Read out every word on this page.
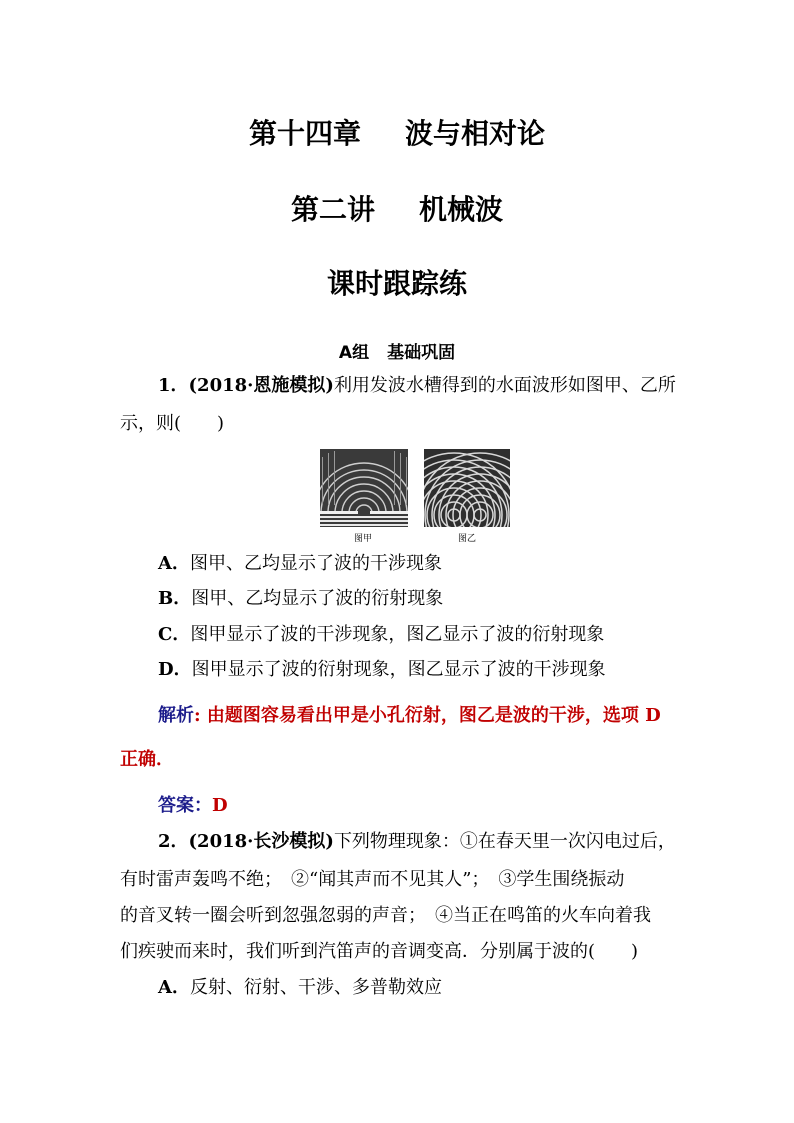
第十四章 波与相对论
第二讲 机械波
课时跟踪练
A组 基础巩固
1．(2018·恩施模拟)利用发波水槽得到的水面波形如图甲、乙所
示，则(　　)
图甲	图乙
A．图甲、乙均显示了波的干涉现象
B．图甲、乙均显示了波的衍射现象
C．图甲显示了波的干涉现象，图乙显示了波的衍射现象
D．图甲显示了波的衍射现象，图乙显示了波的干涉现象
解析: 由题图容易看出甲是小孔衍射，图乙是波的干涉，选项 D
正确．
答案：D
2．(2018·长沙模拟)下列物理现象：①在春天里一次闪电过后，
有时雷声轰鸣不绝；　②“闻其声而不见其人”；　③学生围绕振动
的音叉转一圈会听到忽强忽弱的声音；　④当正在鸣笛的火车向着我
们疾驶而来时，我们听到汽笛声的音调变高．分别属于波的(　　)
A．反射、衍射、干涉、多普勒效应
